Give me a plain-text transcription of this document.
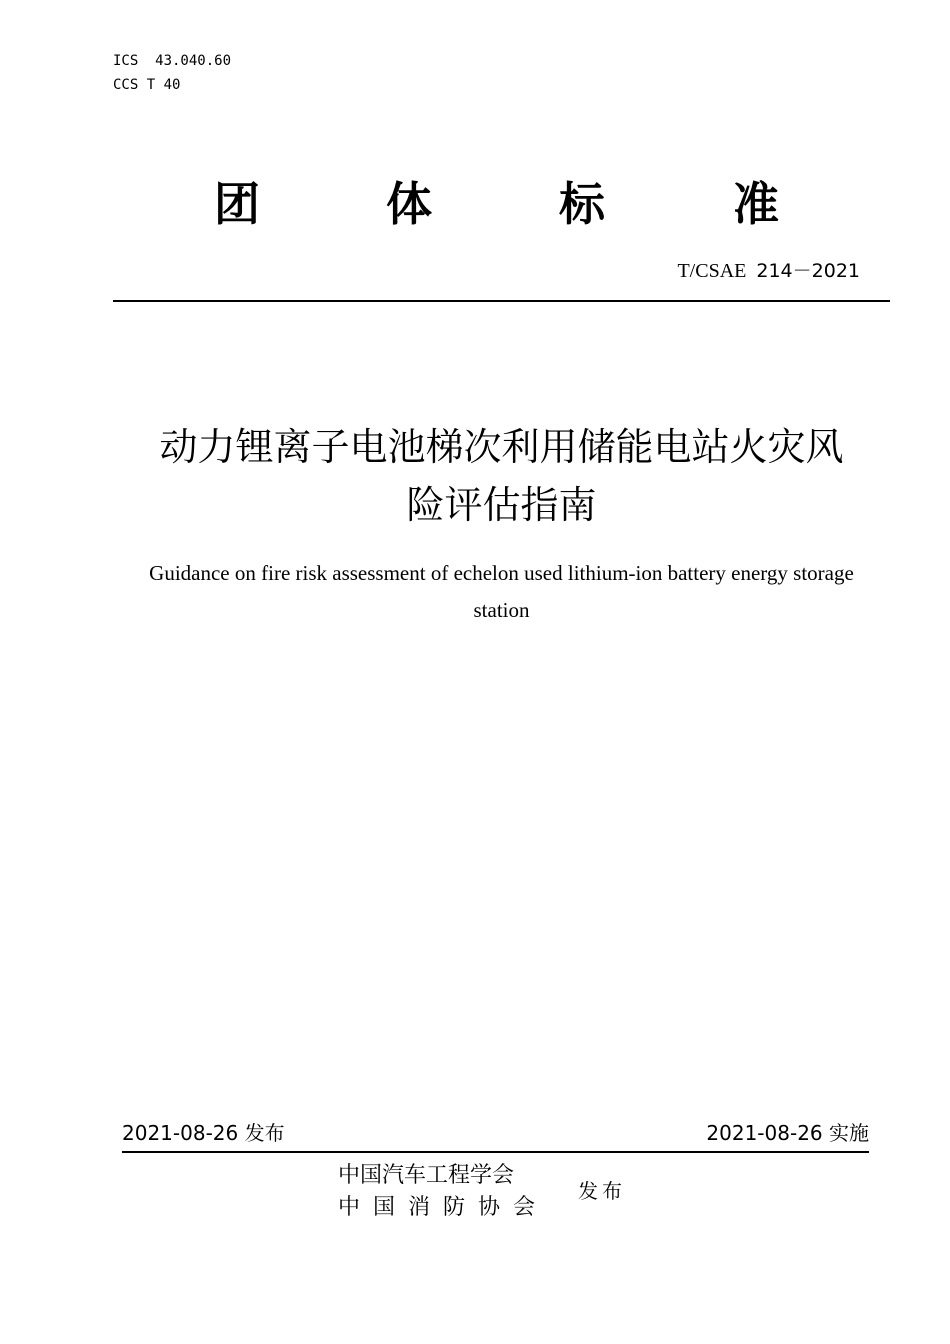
ICS  43.040.60
CCS T 40
团	体	标	准
T/CSAE 214－2021
动力锂离子电池梯次利用储能电站火灾风
险评估指南
Guidance on fire risk assessment of echelon used lithium-ion battery energy storage
station
2021-08-26 发布	2021-08-26 实施
中国汽车工程学会
中国消防协会
发布
